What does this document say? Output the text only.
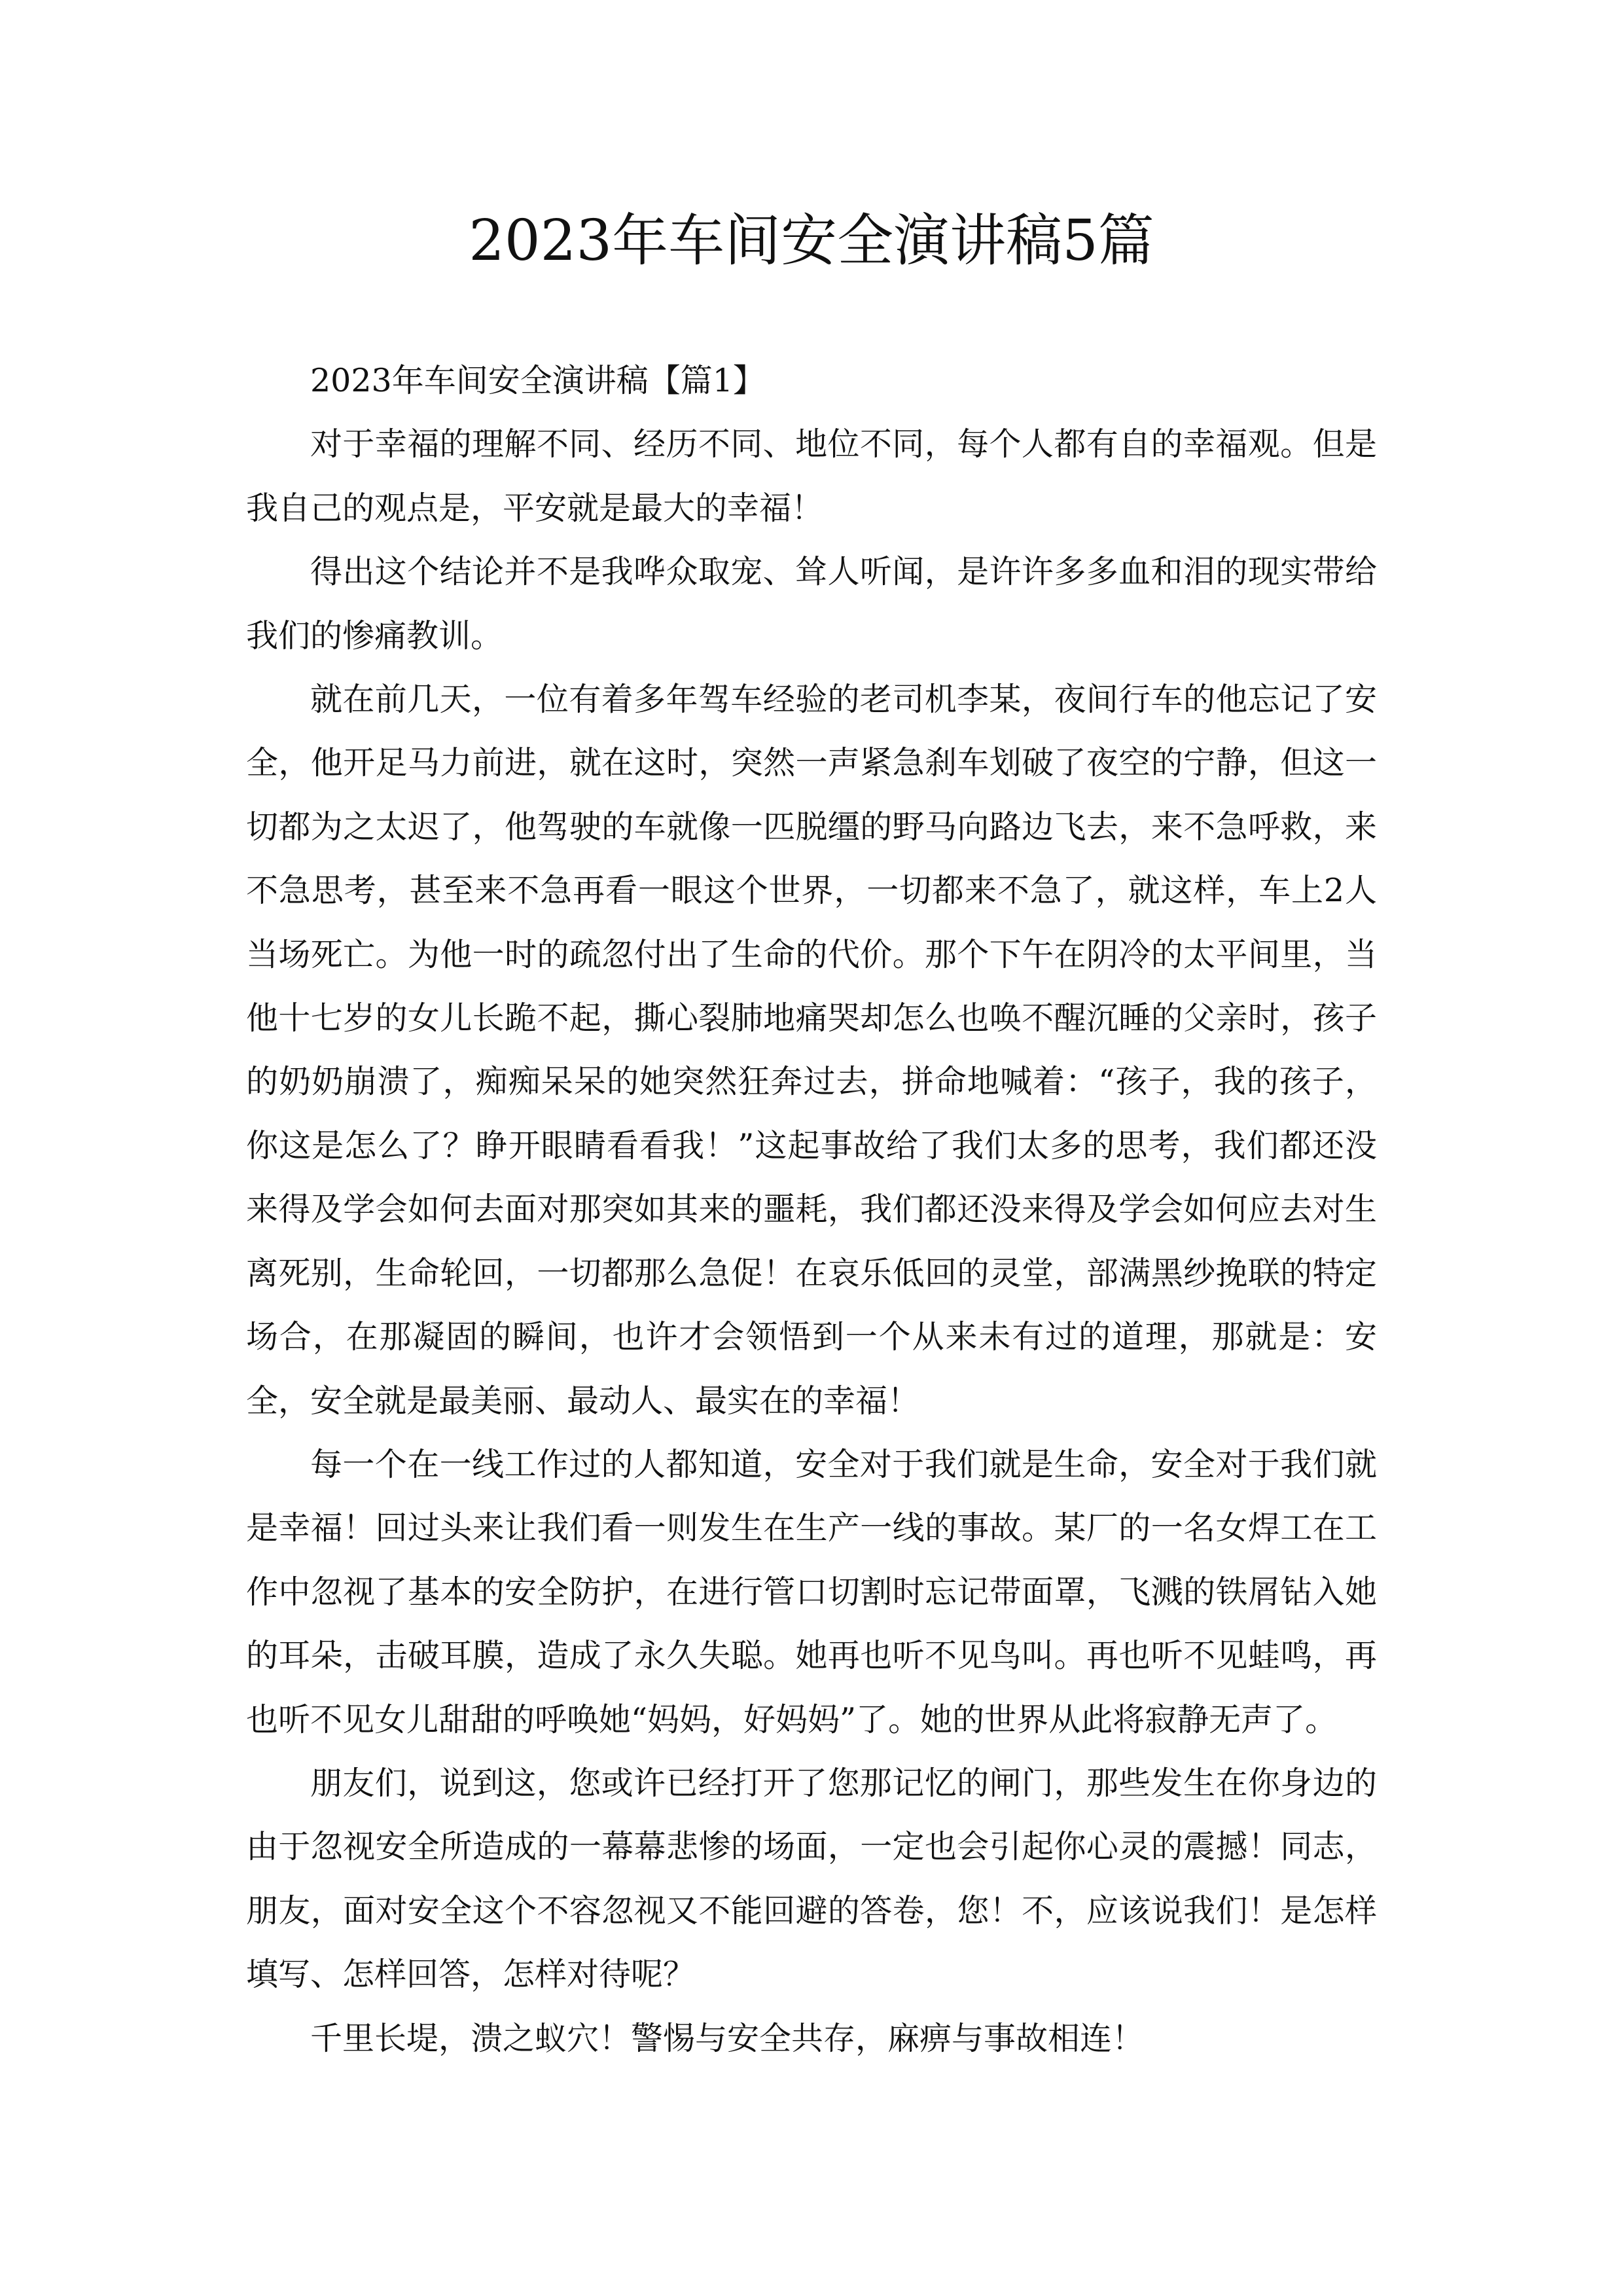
2023年车间安全演讲稿5篇

2023年车间安全演讲稿【篇1】

对于幸福的理解不同、经历不同、地位不同，每个人都有自的幸福观。但是我自己的观点是，平安就是最大的幸福！

得出这个结论并不是我哗众取宠、耸人听闻，是许许多多血和泪的现实带给我们的惨痛教训。

就在前几天，一位有着多年驾车经验的老司机李某，夜间行车的他忘记了安全，他开足马力前进，就在这时，突然一声紧急刹车划破了夜空的宁静，但这一切都为之太迟了，他驾驶的车就像一匹脱缰的野马向路边飞去，来不急呼救，来不急思考，甚至来不急再看一眼这个世界，一切都来不急了，就这样，车上2人当场死亡。为他一时的疏忽付出了生命的代价。那个下午在阴冷的太平间里，当他十七岁的女儿长跪不起，撕心裂肺地痛哭却怎么也唤不醒沉睡的父亲时，孩子的奶奶崩溃了，痴痴呆呆的她突然狂奔过去，拼命地喊着：“孩子，我的孩子，你这是怎么了？睁开眼睛看看我！”这起事故给了我们太多的思考，我们都还没来得及学会如何去面对那突如其来的噩耗，我们都还没来得及学会如何应去对生离死别，生命轮回，一切都那么急促！在哀乐低回的灵堂，部满黑纱挽联的特定场合，在那凝固的瞬间，也许才会领悟到一个从来未有过的道理，那就是：安全，安全就是最美丽、最动人、最实在的幸福！

每一个在一线工作过的人都知道，安全对于我们就是生命，安全对于我们就是幸福！回过头来让我们看一则发生在生产一线的事故。某厂的一名女焊工在工作中忽视了基本的安全防护，在进行管口切割时忘记带面罩，飞溅的铁屑钻入她的耳朵，击破耳膜，造成了永久失聪。她再也听不见鸟叫。再也听不见蛙鸣，再也听不见女儿甜甜的呼唤她“妈妈，好妈妈”了。她的世界从此将寂静无声了。

朋友们，说到这，您或许已经打开了您那记忆的闸门，那些发生在你身边的由于忽视安全所造成的一幕幕悲惨的场面，一定也会引起你心灵的震撼！同志，朋友，面对安全这个不容忽视又不能回避的答卷，您！不，应该说我们！是怎样填写、怎样回答，怎样对待呢？

千里长堤，溃之蚁穴！警惕与安全共存，麻痹与事故相连！
